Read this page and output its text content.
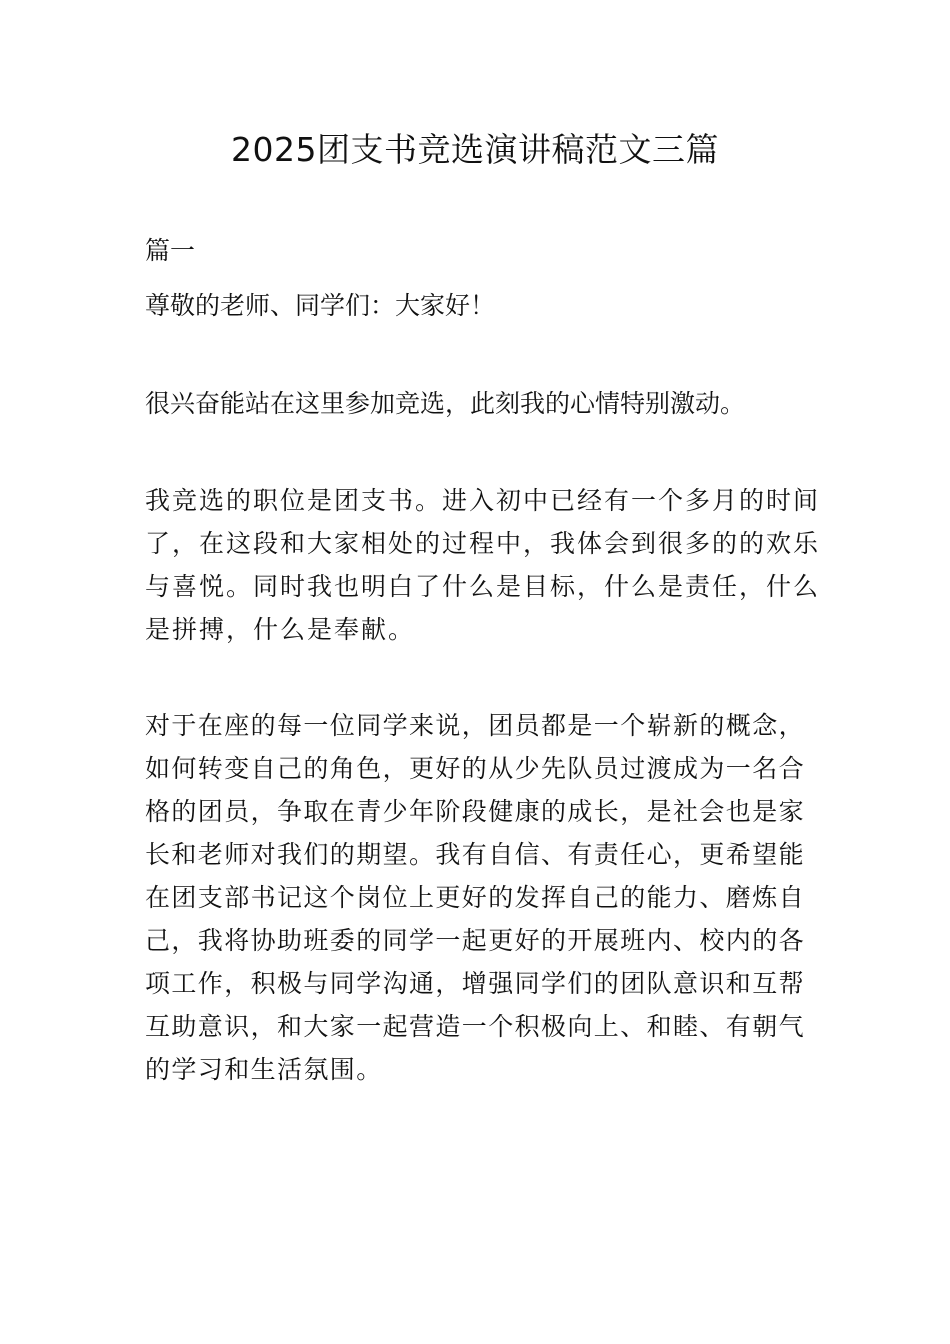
2025团支书竞选演讲稿范文三篇

篇一

尊敬的老师、同学们：大家好！

很兴奋能站在这里参加竞选，此刻我的心情特别激动。

我竞选的职位是团支书。进入初中已经有一个多月的时间
了，在这段和大家相处的过程中，我体会到很多的的欢乐
与喜悦。同时我也明白了什么是目标，什么是责任，什么
是拼搏，什么是奉献。

对于在座的每一位同学来说，团员都是一个崭新的概念，
如何转变自己的角色，更好的从少先队员过渡成为一名合
格的团员，争取在青少年阶段健康的成长，是社会也是家
长和老师对我们的期望。我有自信、有责任心，更希望能
在团支部书记这个岗位上更好的发挥自己的能力、磨炼自
己，我将协助班委的同学一起更好的开展班内、校内的各
项工作，积极与同学沟通，增强同学们的团队意识和互帮
互助意识，和大家一起营造一个积极向上、和睦、有朝气
的学习和生活氛围。
